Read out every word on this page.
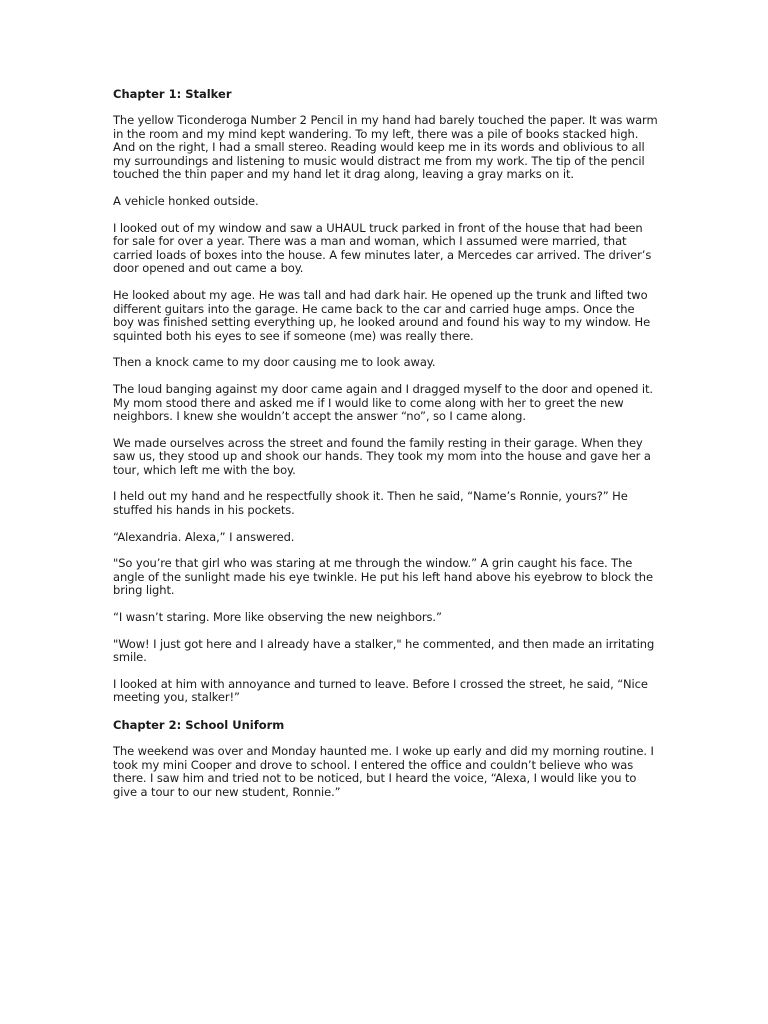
Chapter 1: Stalker

The yellow Ticonderoga Number 2 Pencil in my hand had barely touched the paper. It was warm in the room and my mind kept wandering. To my left, there was a pile of books stacked high. And on the right, I had a small stereo. Reading would keep me in its words and oblivious to all my surroundings and listening to music would distract me from my work. The tip of the pencil touched the thin paper and my hand let it drag along, leaving a gray marks on it.

A vehicle honked outside.

I looked out of my window and saw a UHAUL truck parked in front of the house that had been for sale for over a year. There was a man and woman, which I assumed were married, that carried loads of boxes into the house. A few minutes later, a Mercedes car arrived. The driver’s door opened and out came a boy.

He looked about my age. He was tall and had dark hair. He opened up the trunk and lifted two different guitars into the garage. He came back to the car and carried huge amps. Once the boy was finished setting everything up, he looked around and found his way to my window. He squinted both his eyes to see if someone (me) was really there.

Then a knock came to my door causing me to look away.

The loud banging against my door came again and I dragged myself to the door and opened it. My mom stood there and asked me if I would like to come along with her to greet the new neighbors. I knew she wouldn’t accept the answer “no”, so I came along.

We made ourselves across the street and found the family resting in their garage. When they saw us, they stood up and shook our hands. They took my mom into the house and gave her a tour, which left me with the boy.

I held out my hand and he respectfully shook it. Then he said, “Name’s Ronnie, yours?” He stuffed his hands in his pockets.

“Alexandria. Alexa,” I answered.

"So you’re that girl who was staring at me through the window.” A grin caught his face. The angle of the sunlight made his eye twinkle. He put his left hand above his eyebrow to block the bring light.

“I wasn’t staring. More like observing the new neighbors.”

"Wow! I just got here and I already have a stalker," he commented, and then made an irritating smile.

I looked at him with annoyance and turned to leave. Before I crossed the street, he said, “Nice meeting you, stalker!”

Chapter 2: School Uniform

The weekend was over and Monday haunted me. I woke up early and did my morning routine. I took my mini Cooper and drove to school. I entered the office and couldn’t believe who was there. I saw him and tried not to be noticed, but I heard the voice, “Alexa, I would like you to give a tour to our new student, Ronnie.”
